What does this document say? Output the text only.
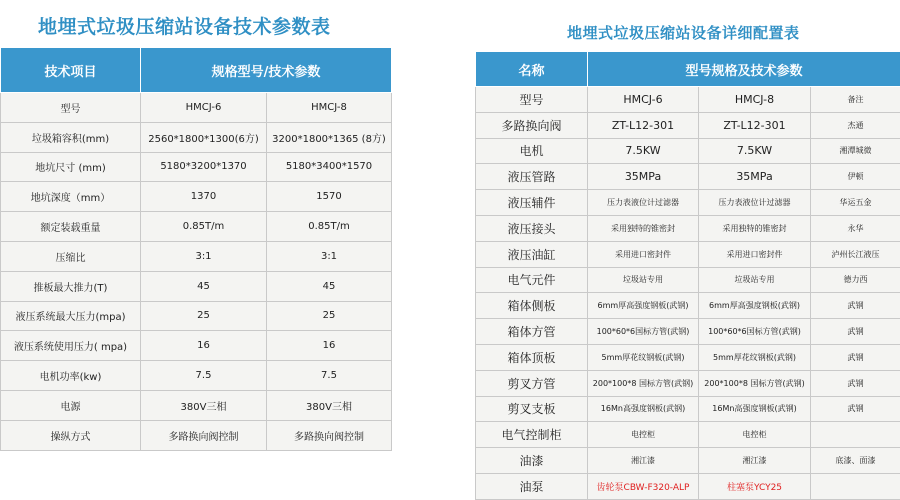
地埋式垃圾压缩站设备技术参数表
技术项目	规格型号/技术参数	
型号	HMCJ-6	HMCJ-8
垃圾箱容积(mm)	2560*1800*1300(6方)	3200*1800*1365 (8方)
地坑尺寸 (mm)	5180*3200*1370	5180*3400*1570
地坑深度（mm）	1370	1570
额定装载重量	0.85T/m	0.85T/m
压缩比	3:1	3:1
推板最大推力(T)	45	45
液压系统最大压力(mpa)	25	25
液压系统使用压力( mpa)	16	16
电机功率(kw)	7.5	7.5
电源	380V三相	380V三相
操纵方式	多路换向阀控制	多路换向阀控制
地埋式垃圾压缩站设备详细配置表
名称	型号规格及技术参数		
型号	HMCJ-6	HMCJ-8	备注
多路换向阀	ZT-L12-301	ZT-L12-301	杰通
电机	7.5KW	7.5KW	湘潭城微
液压管路	35MPa	35MPa	伊顿
液压辅件	压力表液位计过滤器	压力表液位计过滤器	华运五金
液压接头	采用独特的锥密封	采用独特的锥密封	永华
液压油缸	采用进口密封件	采用进口密封件	泸州长江液压
电气元件	垃圾站专用	垃圾站专用	德力西
箱体侧板	6mm厚高强度钢板(武钢)	6mm厚高强度钢板(武钢)	武钢
箱体方管	100*60*6国标方管(武钢)	100*60*6国标方管(武钢)	武钢
箱体顶板	5mm厚花纹钢板(武钢)	5mm厚花纹钢板(武钢)	武钢
剪叉方管	200*100*8 国标方管(武钢)	200*100*8 国标方管(武钢)	武钢
剪叉支板	16Mn高强度钢板(武钢)	16Mn高强度钢板(武钢)	武钢
电气控制柜	电控柜	电控柜	
油漆	湘江漆	湘江漆	底漆、面漆
油泵	齿轮泵CBW-F320-ALP	柱塞泵YCY25	
